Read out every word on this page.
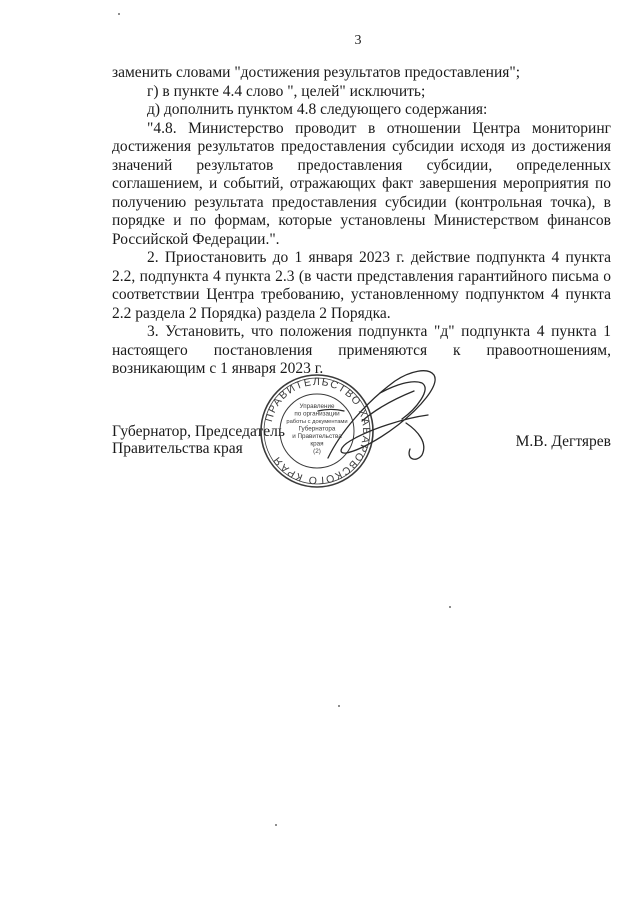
3

заменить словами "достижения результатов предоставления";

г) в пункте 4.4 слово ", целей" исключить;

д) дополнить пунктом 4.8 следующего содержания:

"4.8. Министерство проводит в отношении Центра мониторинг достижения результатов предоставления субсидии исходя из достижения значений результатов предоставления субсидии, определенных соглашением, и событий, отражающих факт завершения мероприятия по получению результата предоставления субсидии (контрольная точка), в порядке и по формам, которые установлены Министерством финансов Российской Федерации.".

2. Приостановить до 1 января 2023 г. действие подпункта 4 пункта 2.2, подпункта 4 пункта 2.3 (в части представления гарантийного письма о соответствии Центра требованию, установленному подпунктом 4 пункта 2.2 раздела 2 Порядка) раздела 2 Порядка.

3. Установить, что положения подпункта "д" подпункта 4 пункта 1 настоящего постановления применяются к правоотношениям, возникающим с 1 января 2023 г.

Губернатор, Председатель
Правительства края	М.В. Дегтярев
ПРАВИТЕЛЬСТВО ХАБАРОВСКОГО КРАЯ
Управление
по организации
работы с документами
Губернатора
и Правительства
края
(2)
